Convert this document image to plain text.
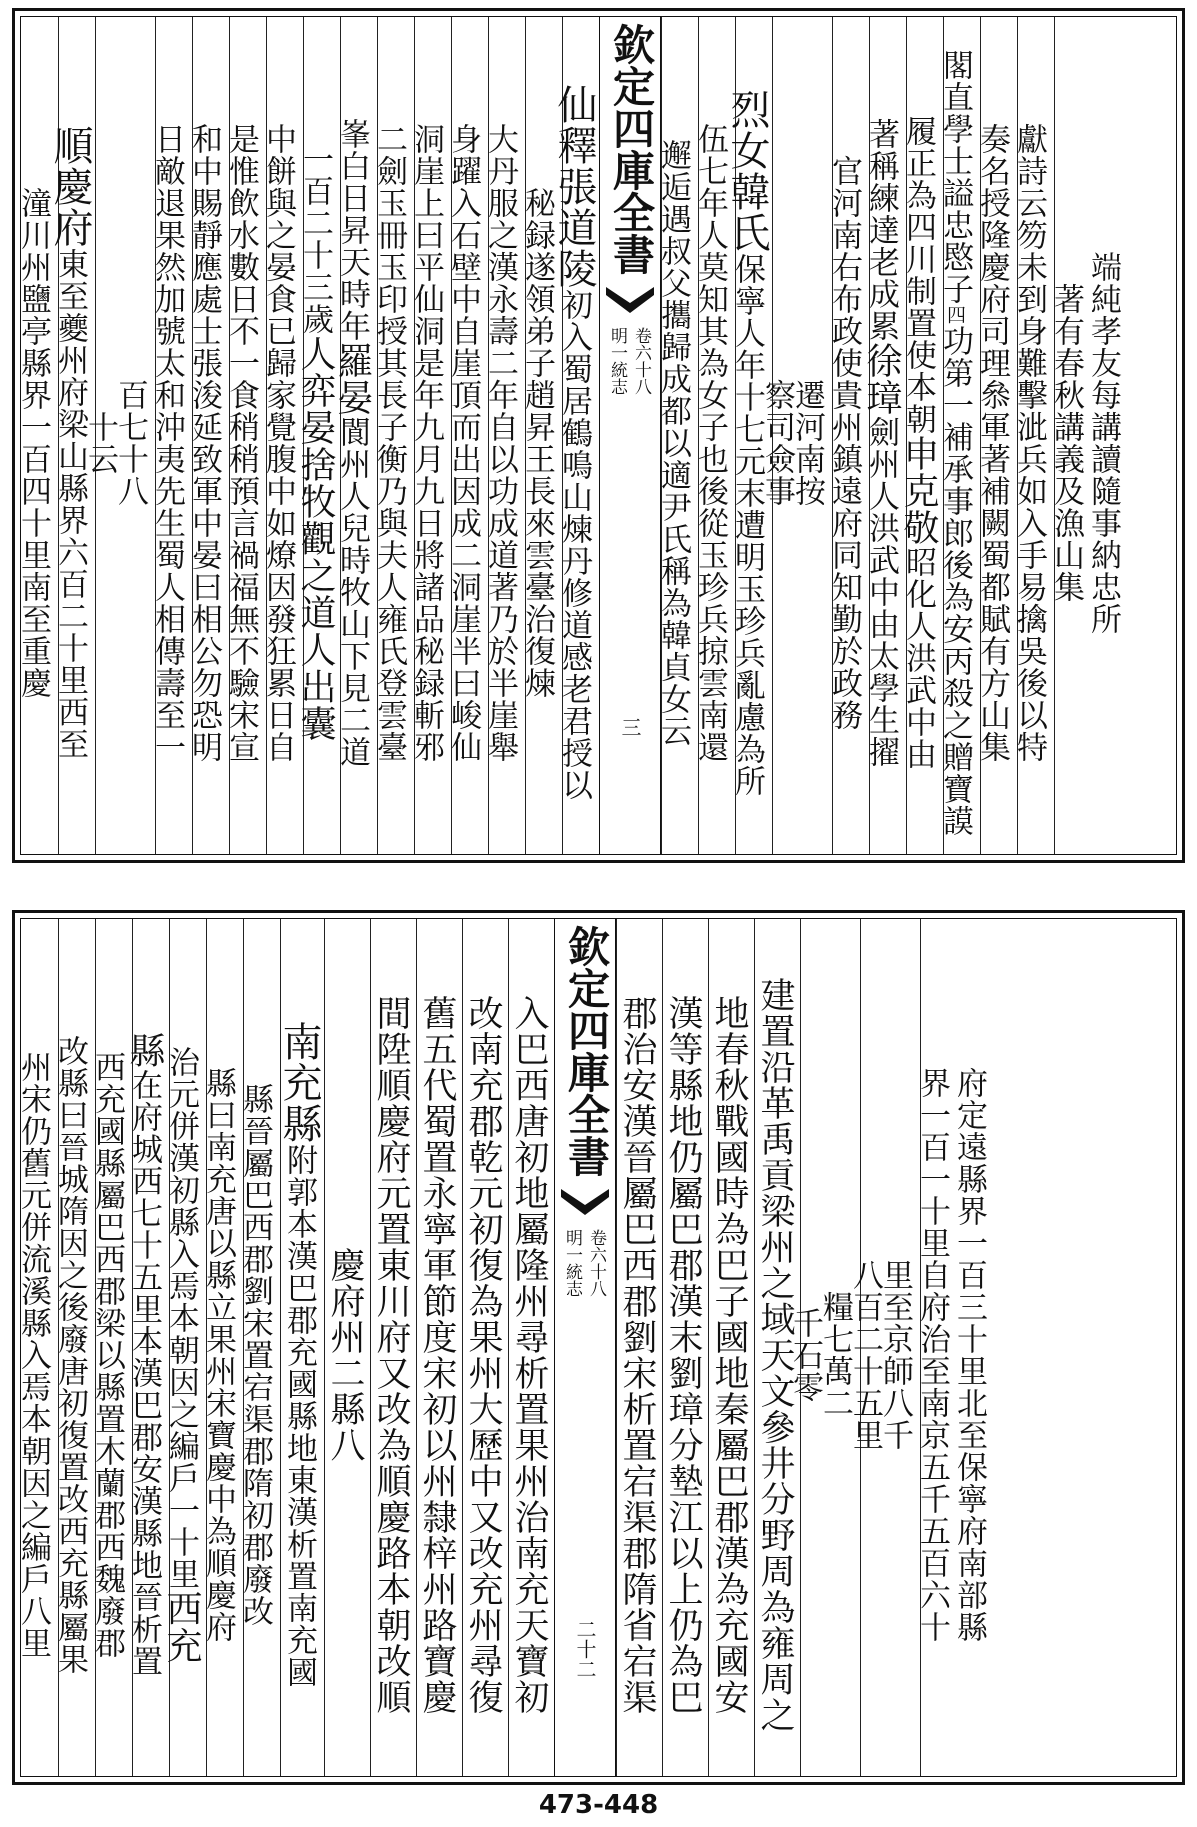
潼川州鹽亭縣界一百四十里南至重慶
順慶府東至夔州府梁山縣界六百二十里西至
十云
百七十八 日敵退果然加號太和沖夷先生蜀人相傳壽至一 和中賜靜應處士張浚延致軍中晏曰相公勿恐明 是惟飲水數日不一食稍稍預言禍福無不驗宋宣 中餅與之晏食已歸家覺腹中如燎因發狂累日自 一百二十三歲人弈晏捨牧觀之道人出囊
峯白日昇天時年羅晏閬州人兒時牧山下見二道 二劍玉冊玉印授其長子衡乃與夫人雍氏登雲臺 洞崖上曰平仙洞是年九月九日將諸品秘録斬邪 身躍入石壁中自崖頂而出因成二洞崖半曰峻仙 大丹服之漢永壽二年自以功成道著乃於半崖舉 秘録遂領弟子趙昇王長來雲臺治復煉
仙釋張道陵初入蜀居鶴鳴山煉丹修道感老君授以
欽定四庫全書
明一統志 卷六十八
三 邂逅遇叔父攜歸成都以適尹氏稱為韓貞女云 伍七年人莫知其為女子也後從玉珍兵掠雲南還
烈女韓氏保寧人年十七元末遭明玉珍兵亂慮為所
察司僉事
遷河南按
官河南右布政使貴州鎮遠府同知勤於政務
著稱練達老成累徐璋劍州人洪武中由太學生擢
履正為四川制置使本朝申克敬昭化人洪武中由
閣直學士謚忠愍子四功第一補承事郎後為安丙殺之贈寶謨 奏名授隆慶府司理叅軍著補闕蜀都賦有方山集 獻詩云笏未到身難擊泚兵如入手易擒吳後以特 著有春秋講義及漁山集 端純孝友每講讀隨事納忠所
州宋仍舊元併流溪縣入焉本朝因之編戶八里 改縣曰晉城隋因之後廢唐初復置改西充縣屬果 西充國縣屬巴西郡梁以縣置木蘭郡西魏廢郡 縣在府城西七十五里本漢巴郡安漢縣地晉析置 治元併漢初縣入焉本朝因之編戶一十里西充
縣曰南充唐以縣立果州宋寶慶中為順慶府 縣晉屬巴西郡劉宋置宕渠郡隋初郡廢改 南充縣附郭本漢巴郡充國縣地東漢析置南充國 慶府州二縣八 間陞順慶府元置東川府又改為順慶路本朝改順 舊五代蜀置永寧軍節度宋初以州隸梓州路寶慶 改南充郡乾元初復為果州大歷中又改充州尋復 入巴西唐初地屬隆州尋析置果州治南充天寶初 欽定四庫全書
明一統志 卷六十八
二十二 郡治安漢晉屬巴西郡劉宋析置宕渠郡隋省宕渠 漢等縣地仍屬巴郡漢末劉璋分墊江以上仍為巴 地春秋戰國時為巴子國地秦屬巴郡漢為充國安 建置沿革禹貢梁州之域天文參井分野周為雍周之
千石零
糧七萬二
八百二十五里
里至京師八千 界一百一十里自府治至南京五千五百六十 府定遠縣界一百三十里北至保寧府南部縣
473-448
